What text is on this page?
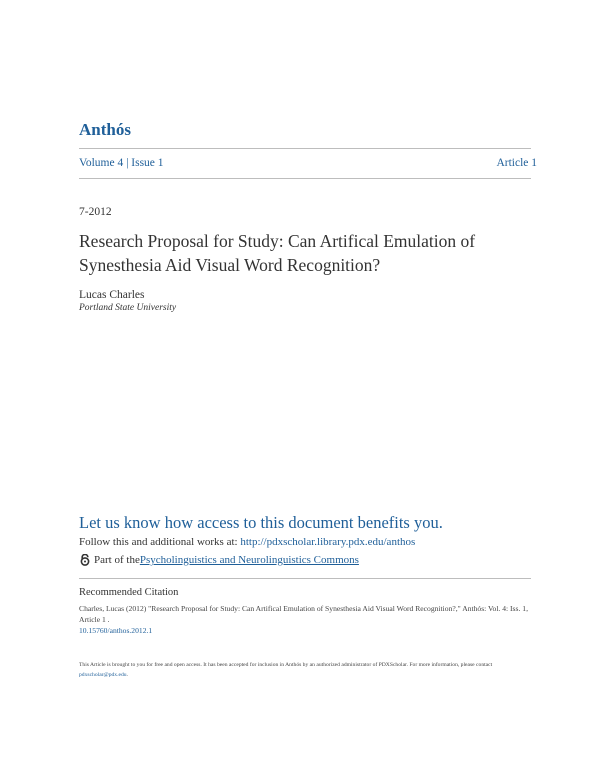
Anthós
Volume 4 | Issue 1	Article 1
7-2012
Research Proposal for Study: Can Artifical Emulation of Synesthesia Aid Visual Word Recognition?
Lucas Charles
Portland State University
Let us know how access to this document benefits you.
Follow this and additional works at: http://pdxscholar.library.pdx.edu/anthos
Part of the Psycholinguistics and Neurolinguistics Commons
Recommended Citation
Charles, Lucas (2012) "Research Proposal for Study: Can Artifical Emulation of Synesthesia Aid Visual Word Recognition?," Anthós: Vol. 4: Iss. 1, Article 1 .
10.15760/anthos.2012.1
This Article is brought to you for free and open access. It has been accepted for inclusion in Anthós by an authorized administrator of PDXScholar. For more information, please contact pdxscholar@pdx.edu.
